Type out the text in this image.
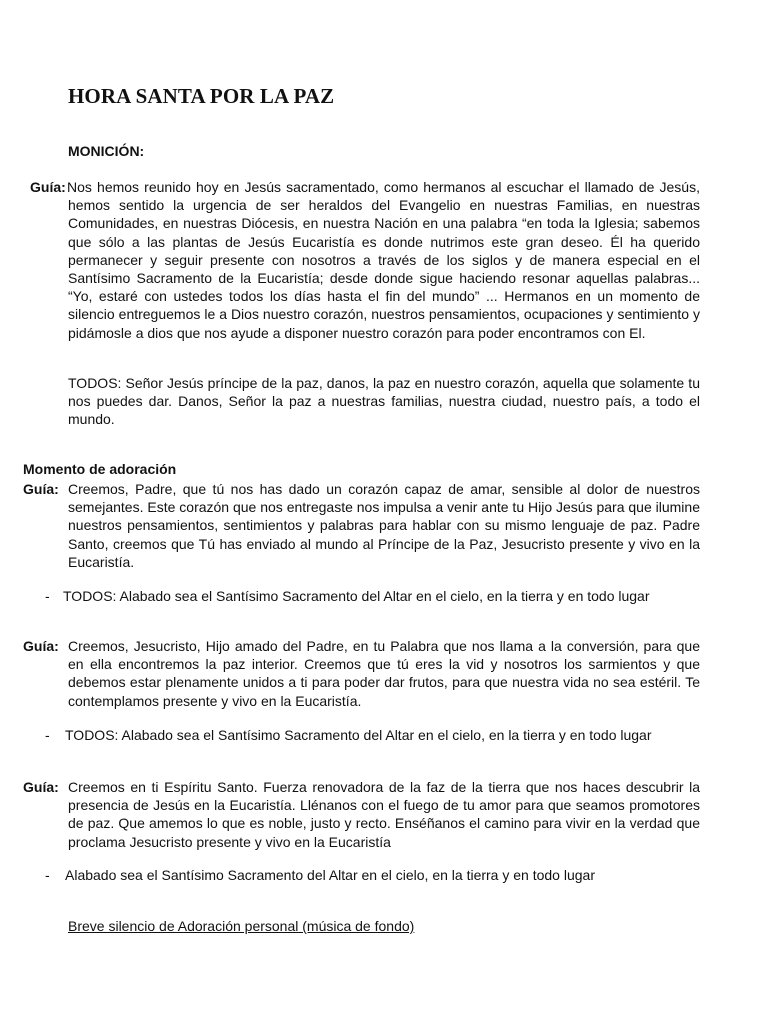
HORA SANTA POR LA PAZ

MONICIÓN:

Guía: Nos hemos reunido hoy en Jesús sacramentado, como hermanos al escuchar el llamado de Jesús, hemos sentido la urgencia de ser heraldos del Evangelio en nuestras Familias, en nuestras Comunidades, en nuestras Diócesis, en nuestra Nación en una palabra “en toda la Iglesia; sabemos que sólo a las plantas de Jesús Eucaristía es donde nutrimos este gran deseo. Él ha querido permanecer y seguir presente con nosotros a través de los siglos y de manera especial en el Santísimo Sacramento de la Eucaristía; desde donde sigue haciendo resonar aquellas palabras... “Yo, estaré con ustedes todos los días hasta el fin del mundo” ... Hermanos en un momento de silencio entreguemos le a Dios nuestro corazón, nuestros pensamientos, ocupaciones y sentimiento y pidámosle a dios que nos ayude a disponer nuestro corazón para poder encontramos con El.

TODOS: Señor Jesús príncipe de la paz, danos, la paz en nuestro corazón, aquella que solamente tu nos puedes dar. Danos, Señor la paz a nuestras familias, nuestra ciudad, nuestro país, a todo el mundo.

Momento de adoración

Guía: Creemos, Padre, que tú nos has dado un corazón capaz de amar, sensible al dolor de nuestros semejantes. Este corazón que nos entregaste nos impulsa a venir ante tu Hijo Jesús para que ilumine nuestros pensamientos, sentimientos y palabras para hablar con su mismo lenguaje de paz. Padre Santo, creemos que Tú has enviado al mundo al Príncipe de la Paz, Jesucristo presente y vivo en la Eucaristía.

- TODOS: Alabado sea el Santísimo Sacramento del Altar en el cielo, en la tierra y en todo lugar

Guía: Creemos, Jesucristo, Hijo amado del Padre, en tu Palabra que nos llama a la conversión, para que en ella encontremos la paz interior. Creemos que tú eres la vid y nosotros los sarmientos y que debemos estar plenamente unidos a ti para poder dar frutos, para que nuestra vida no sea estéril. Te contemplamos presente y vivo en la Eucaristía.

- TODOS: Alabado sea el Santísimo Sacramento del Altar en el cielo, en la tierra y en todo lugar

Guía: Creemos en ti Espíritu Santo. Fuerza renovadora de la faz de la tierra que nos haces descubrir la presencia de Jesús en la Eucaristía. Llénanos con el fuego de tu amor para que seamos promotores de paz. Que amemos lo que es noble, justo y recto. Enséñanos el camino para vivir en la verdad que proclama Jesucristo presente y vivo en la Eucaristía

- Alabado sea el Santísimo Sacramento del Altar en el cielo, en la tierra y en todo lugar

Breve silencio de Adoración personal (música de fondo)
